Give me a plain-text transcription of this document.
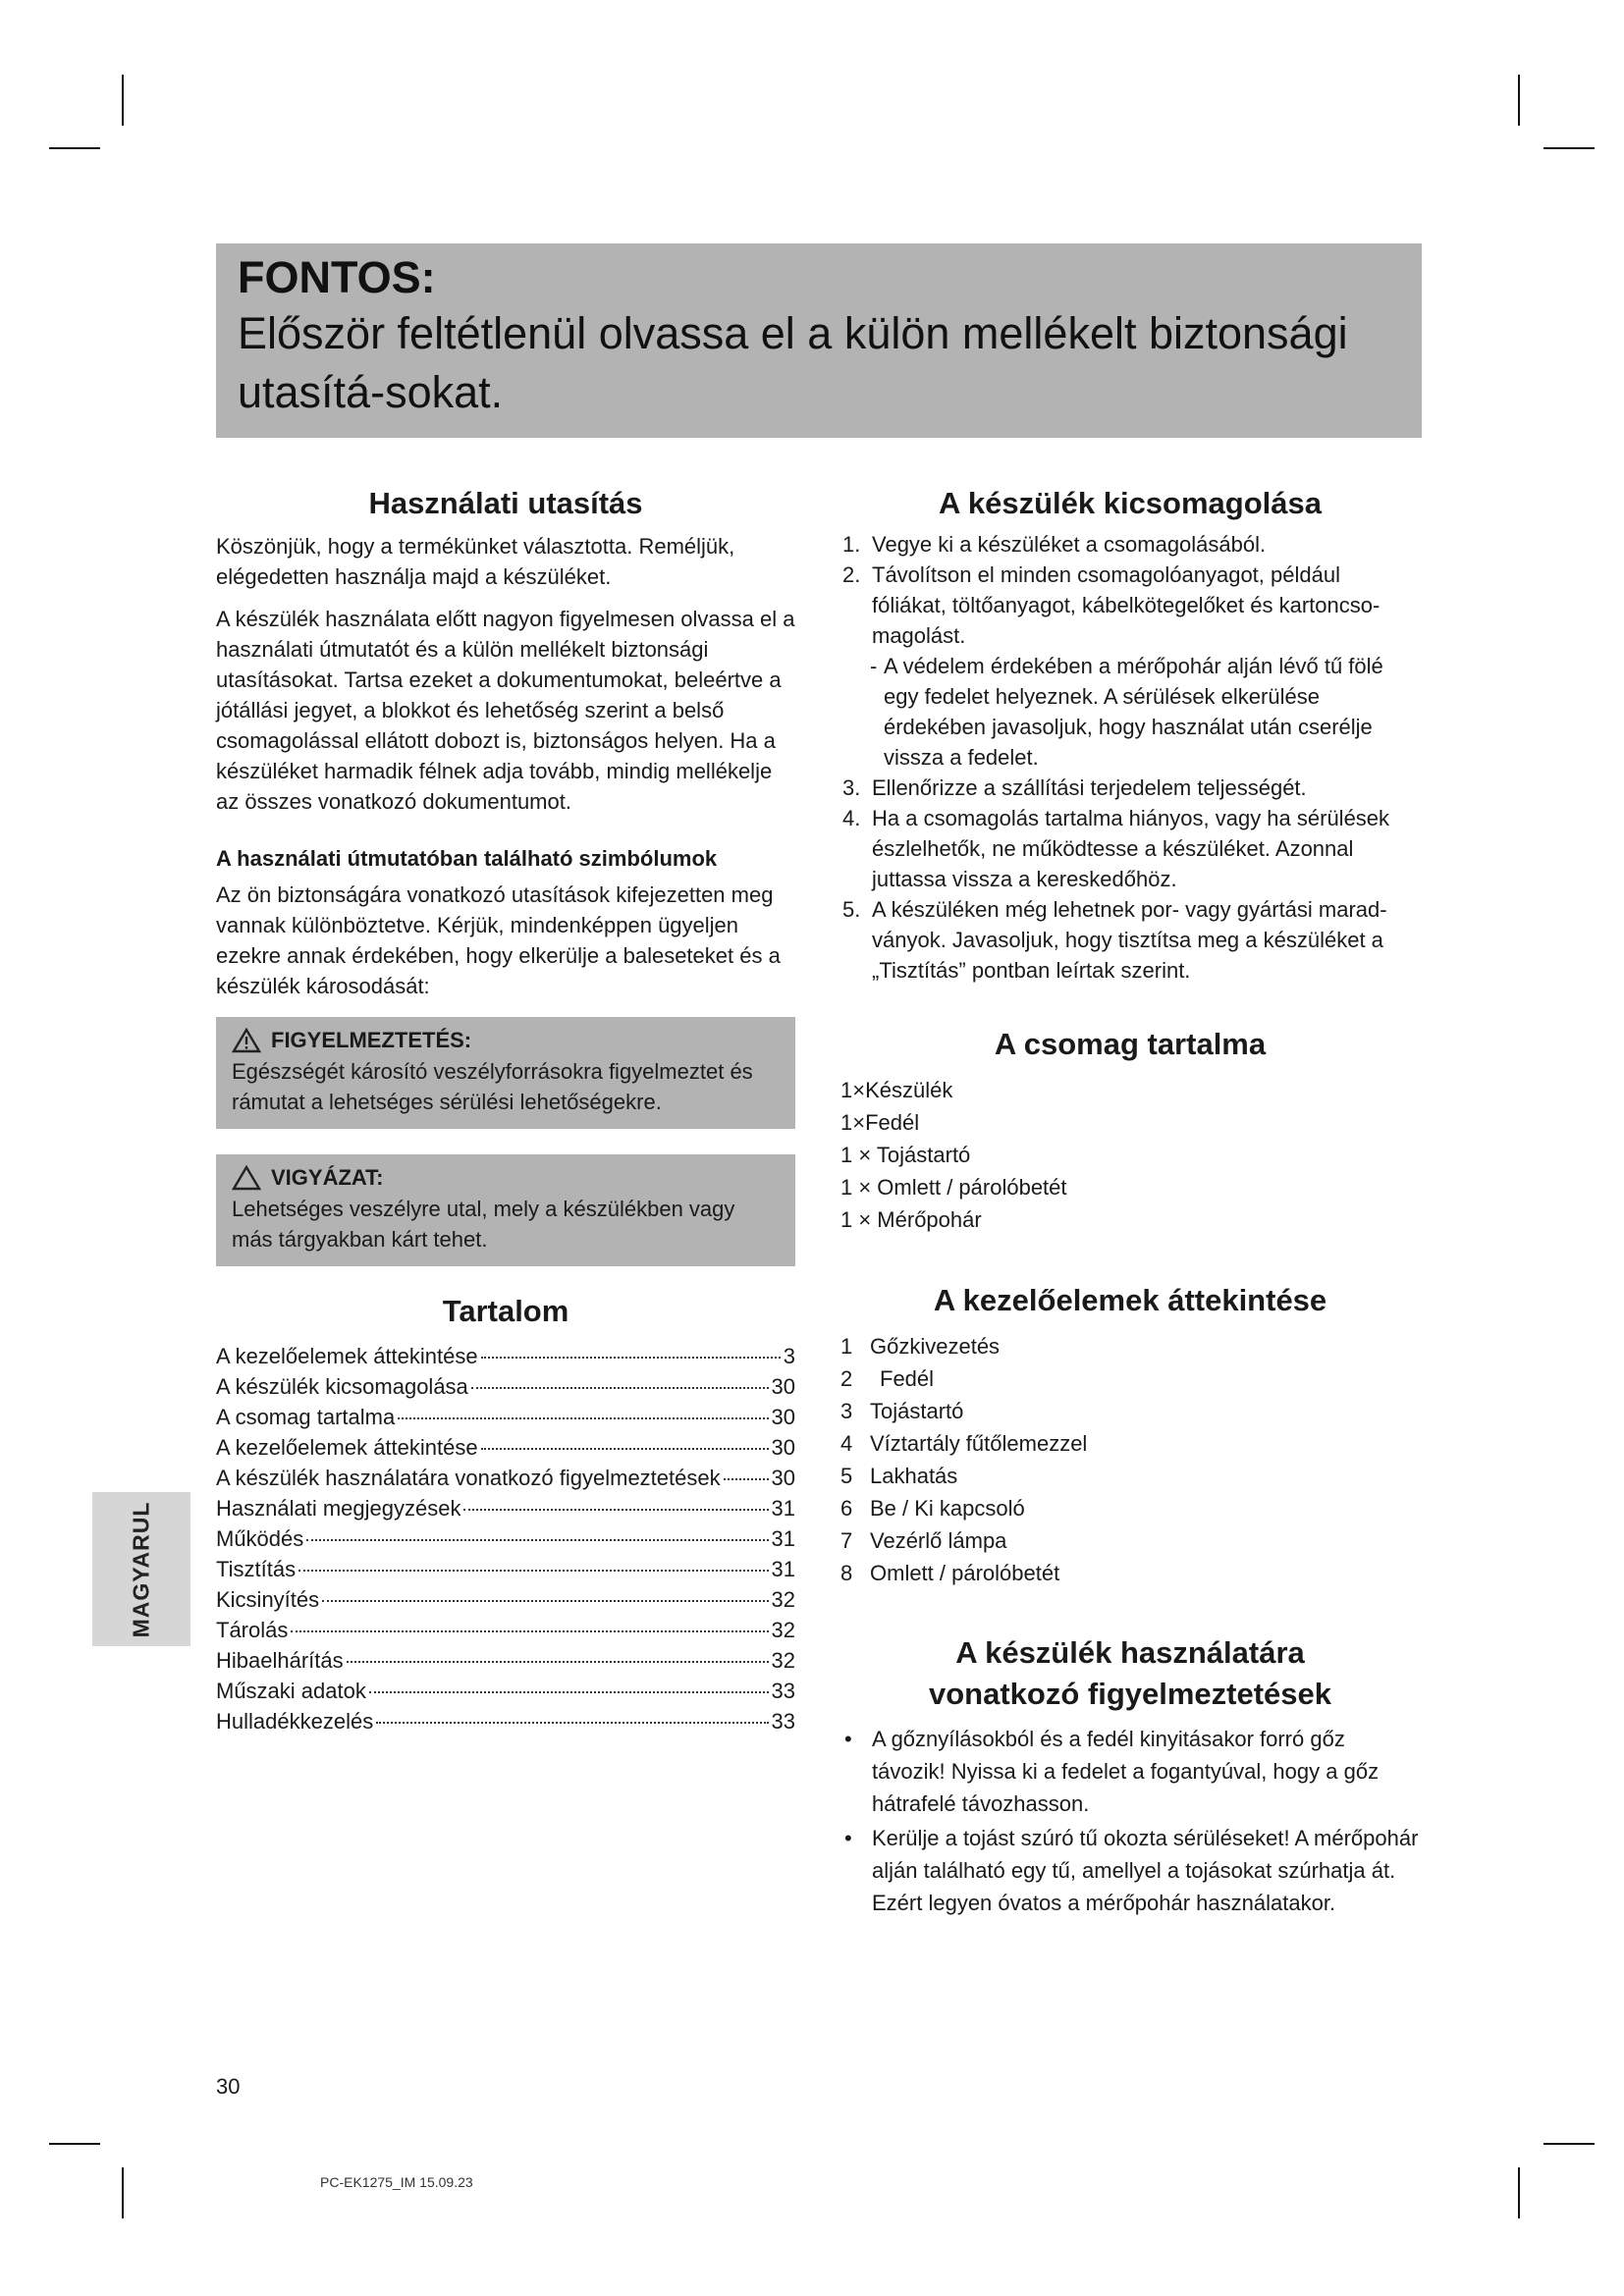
FONTOS:

Először feltétlenül olvassa el a külön mellékelt biztonsági utasítá-sokat.

Használati utasítás

Köszönjük, hogy a termékünket választotta. Reméljük, elégedetten használja majd a készüléket.

A készülék használata előtt nagyon figyelmesen olvassa el a használati útmutatót és a külön mellékelt biztonsági utasításokat. Tartsa ezeket a dokumentumokat, beleértve a jótállási jegyet, a blokkot és lehetőség szerint a belső csomagolással ellátott dobozt is, biztonságos helyen. Ha a készüléket harmadik félnek adja tovább, mindig mellékelje az összes vonatkozó dokumentumot.

A használati útmutatóban található szimbólumok

Az ön biztonságára vonatkozó utasítások kifejezetten meg vannak különböztetve. Kérjük, mindenképpen ügyeljen ezekre annak érdekében, hogy elkerülje a baleseteket és a készülék károsodását:

FIGYELMEZTETÉS:
Egészségét károsító veszélyforrásokra figyelmeztet és rámutat a lehetséges sérülési lehetőségekre.
VIGYÁZAT:
Lehetséges veszélyre utal, mely a készülékben vagy más tárgyakban kárt tehet.
Tartalom
A kezelőelemek áttekintése	3
A készülék kicsomagolása	30
A csomag tartalma	30
A kezelőelemek áttekintése	30
A készülék használatára vonatkozó figyelmeztetések 30
Használati megjegyzések	31
Működés	31
Tisztítás	31
Kicsinyítés	32
Tárolás	32
Hibaelhárítás	32
Műszaki adatok	33
Hulladékkezelés	33
A készülék kicsomagolása
1. Vegye ki a készüléket a csomagolásából.
2. Távolítson el minden csomagolóanyagot, például fóliákat, töltőanyagot, kábelkötegelőket és kartoncso-magolást.
- A védelem érdekében a mérőpohár alján lévő tű fölé egy fedelet helyeznek. A sérülések elkerülése érdekében javasoljuk, hogy használat után cserélje vissza a fedelet.
3. Ellenőrizze a szállítási terjedelem teljességét.
4. Ha a csomagolás tartalma hiányos, vagy ha sérülések észlelhetők, ne működtesse a készüléket. Azonnal juttassa vissza a kereskedőhöz.
5. A készüléken még lehetnek por- vagy gyártási marad-ványok. Javasoljuk, hogy tisztítsa meg a készüléket a „Tisztítás” pontban leírtak szerint.
A csomag tartalma
1×Készülék
1×Fedél
1 × Tojástartó
1 × Omlett / párolóbetét
1 × Mérőpohár
A kezelőelemek áttekintése
1 Gőzkivezetés
2	Fedél
3 Tojástartó
4 Víztartály fűtőlemezzel
5 Lakhatás
6 Be / Ki kapcsoló
7 Vezérlő lámpa
8 Omlett / párolóbetét
A készülék használatára
vonatkozó figyelmeztetések
• A gőznyílásokból és a fedél kinyitásakor forró gőz távozik! Nyissa ki a fedelet a fogantyúval, hogy a gőz hátrafelé távozhasson.
• Kerülje a tojást szúró tű okozta sérüléseket! A mérőpohár alján található egy tű, amellyel a tojásokat szúrhatja át. Ezért legyen óvatos a mérőpohár használatakor.
MAGYARUL
30
PC-EK1275_IM 15.09.23
